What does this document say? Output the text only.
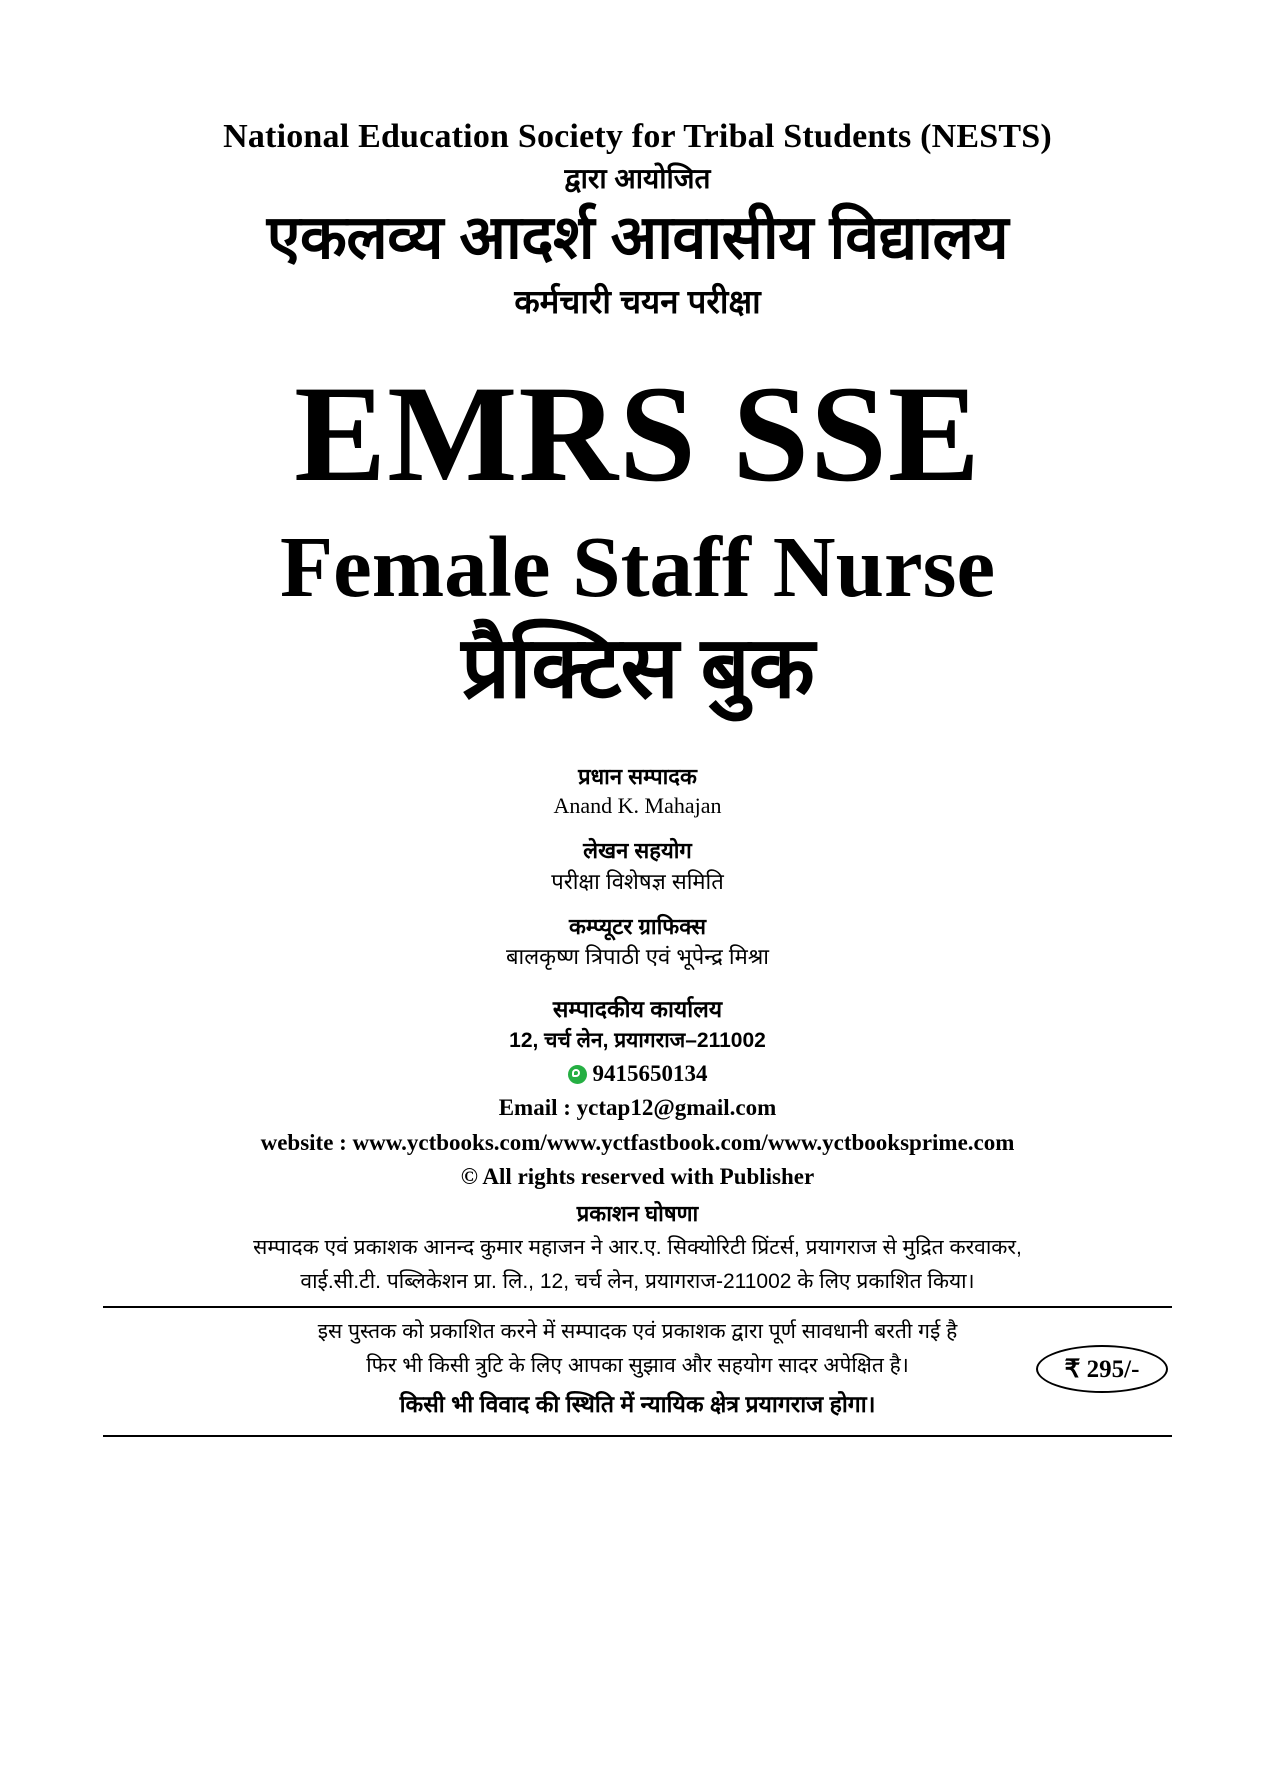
National Education Society for Tribal Students (NESTS)
द्वारा आयोजित
एकलव्य आदर्श आवासीय विद्यालय
कर्मचारी चयन परीक्षा
EMRS SSE
Female Staff Nurse
प्रैक्टिस बुक
प्रधान सम्पादक
Anand K. Mahajan
लेखन सहयोग
परीक्षा विशेषज्ञ समिति
कम्प्यूटर ग्राफिक्स
बालकृष्ण त्रिपाठी एवं भूपेन्द्र मिश्रा
सम्पादकीय कार्यालय
12, चर्च लेन, प्रयागराज–211002
9415650134
Email : yctap12@gmail.com
website : www.yctbooks.com/www.yctfastbook.com/www.yctbooksprime.com
© All rights reserved with Publisher
प्रकाशन घोषणा
सम्पादक एवं प्रकाशक आनन्द कुमार महाजन ने आर.ए. सिक्योरिटी प्रिंटर्स, प्रयागराज से मुद्रित करवाकर,
वाई.सी.टी. पब्लिकेशन प्रा. लि., 12, चर्च लेन, प्रयागराज-211002 के लिए प्रकाशित किया।
इस पुस्तक को प्रकाशित करने में सम्पादक एवं प्रकाशक द्वारा पूर्ण सावधानी बरती गई है
फिर भी किसी त्रुटि के लिए आपका सुझाव और सहयोग सादर अपेक्षित है।	₹ 295/-
किसी भी विवाद की स्थिति में न्यायिक क्षेत्र प्रयागराज होगा।
